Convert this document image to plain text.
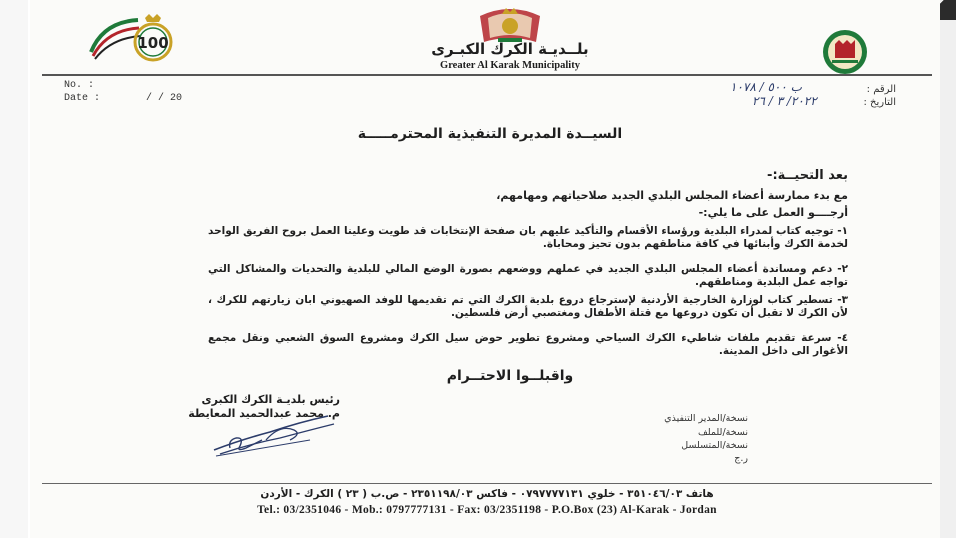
100	بلــديـة الكرك الكبـرى
Greater Al Karak Municipality
No. :
Date :	/ / 20
ب ٥٠٠ / ١٠٧٨	الرقم :
٢٠٢٢/ ٣ / ٢٦	التاريخ :
السيــدة المديرة التنفيذية المحترمـــــة
بعد التحيــة:-
مع بدء ممارسة أعضاء المجلس البلدي الجديد صلاحياتهم ومهامهم،
أرجــــو العمل على ما يلي:-
١- توجيه كتاب لمدراء البلدية ورؤساء الأقسام والتأكيد عليهم بان صفحة الإنتخابات قد طويت وعلينا العمل بروح الفريق الواحد لخدمة الكرك وأبنائها في كافة مناطقهم بدون تحيز ومحاباة.
٢- دعم ومساندة أعضاء المجلس البلدي الجديد في عملهم ووضعهم بصورة الوضع المالي للبلدية والتحديات والمشاكل التي تواجه عمل البلدية ومناطقهم.
٣- تسطير كتاب لوزارة الخارجية الأردنية لإسترجاع دروع بلدية الكرك التي تم تقديمها للوفد الصهيوني ابان زيارتهم للكرك ، لأن الكرك لا تقبل أن تكون دروعها مع قتلة الأطفال ومغتصبي أرض فلسطين.
٤- سرعة تقديم ملفات شاطيء الكرك السياحي ومشروع تطوير حوض سيل الكرك ومشروع السوق الشعبي ونقل مجمع الأغوار الى داخل المدينة.
واقبلــوا الاحتــرام
رئيس بلديـة الكرك الكبرى
م. محمد عبدالحميد المعايطة	نسخة/المدير التنفيذي
نسخة/للملف
نسخة/المتسلسل
ر.ج
هاتف ٣٥١٠٤٦/٠٣ - خلوي ٠٧٩٧٧٧٧١٣١ - فاكس ٢٣٥١١٩٨/٠٣ - ص.ب ( ٢٣ ) الكرك - الأردن
Tel.: 03/2351046 - Mob.: 0797777131 - Fax: 03/2351198 - P.O.Box (23) Al-Karak - Jordan
